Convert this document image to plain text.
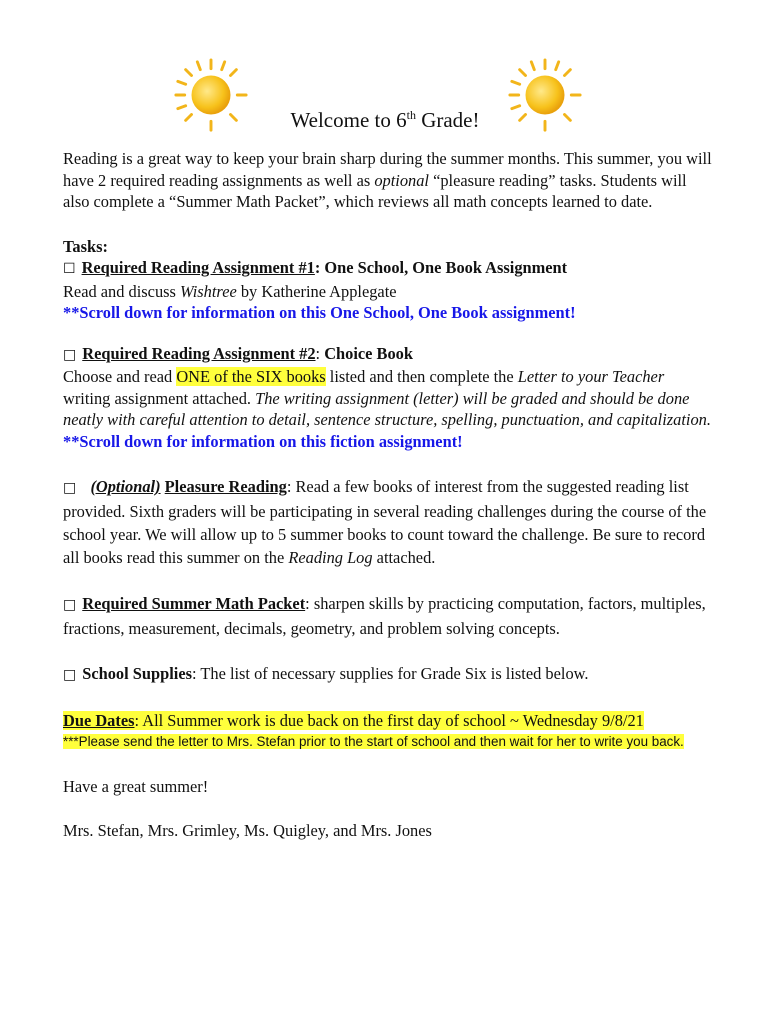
Welcome to 6th Grade!

Reading is a great way to keep your brain sharp during the summer months. This summer, you will have 2 required reading assignments as well as optional “pleasure reading” tasks. Students will also complete a “Summer Math Packet”, which reviews all math concepts learned to date.

Tasks:

☐ Required Reading Assignment #1: One School, One Book Assignment

Read and discuss Wishtree by Katherine Applegate

**Scroll down for information on this One School, One Book assignment!

□ Required Reading Assignment #2: Choice Book

Choose and read ONE of the SIX books listed and then complete the Letter to your Teacher writing assignment attached. The writing assignment (letter) will be graded and should be done neatly with careful attention to detail, sentence structure, spelling, punctuation, and capitalization.

**Scroll down for information on this fiction assignment!

□ (Optional) Pleasure Reading: Read a few books of interest from the suggested reading list provided. Sixth graders will be participating in several reading challenges during the course of the school year. We will allow up to 5 summer books to count toward the challenge. Be sure to record all books read this summer on the Reading Log attached.

□ Required Summer Math Packet: sharpen skills by practicing computation, factors, multiples, fractions, measurement, decimals, geometry, and problem solving concepts.

□ School Supplies: The list of necessary supplies for Grade Six is listed below.

Due Dates: All Summer work is due back on the first day of school ~ Wednesday 9/8/21

***Please send the letter to Mrs. Stefan prior to the start of school and then wait for her to write you back.

Have a great summer!

Mrs. Stefan, Mrs. Grimley, Ms. Quigley, and Mrs. Jones
